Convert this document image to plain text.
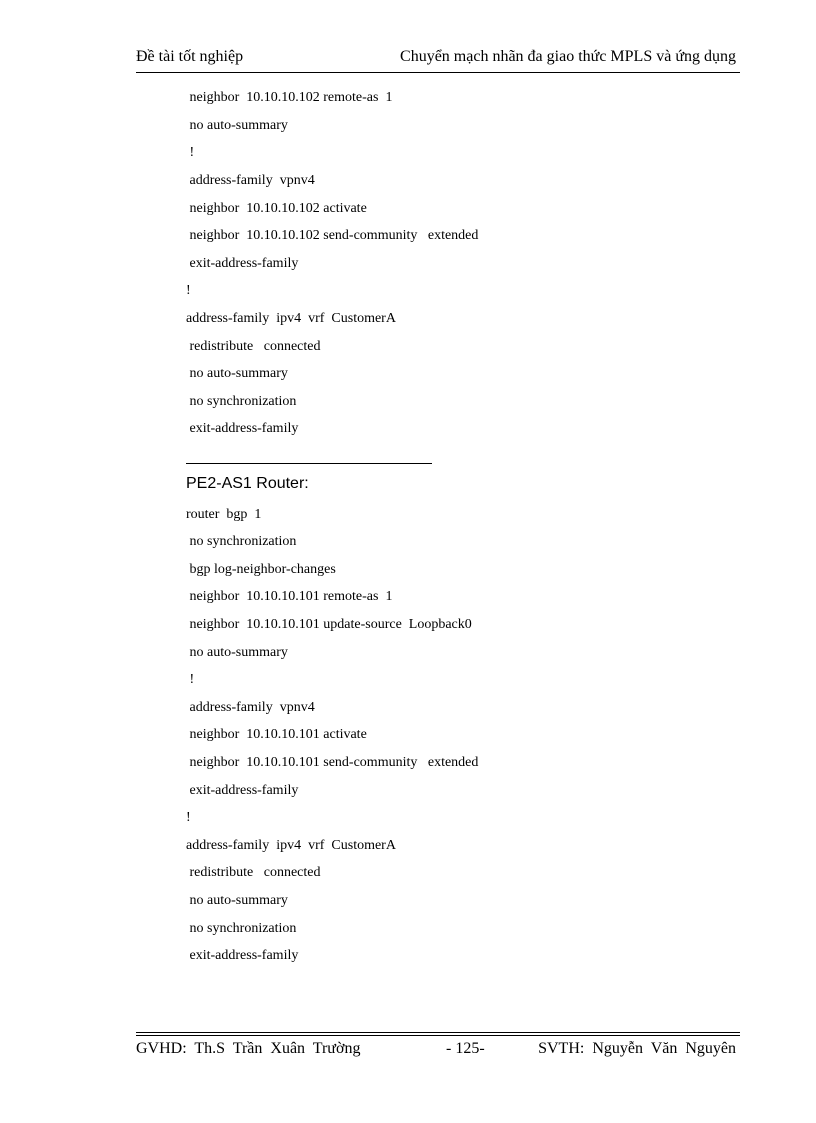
Đề tài tốt nghiệp	Chuyển mạch nhãn đa giao thức MPLS và ứng dụng
neighbor  10.10.10.102 remote-as  1
no auto-summary
!
address-family  vpnv4
neighbor  10.10.10.102 activate
neighbor  10.10.10.102 send-community   extended
exit-address-family
!
address-family  ipv4  vrf  CustomerA
redistribute   connected
no auto-summary
no synchronization
exit-address-family
PE2-AS1 Router:
router  bgp  1
no synchronization
bgp log-neighbor-changes
neighbor  10.10.10.101 remote-as  1
neighbor  10.10.10.101 update-source  Loopback0
no auto-summary
!
address-family  vpnv4
neighbor  10.10.10.101 activate
neighbor  10.10.10.101 send-community   extended
exit-address-family
!
address-family  ipv4  vrf  CustomerA
redistribute   connected
no auto-summary
no synchronization
exit-address-family
GVHD:  Th.S  Trần  Xuân  Trường	- 125-	SVTH:  Nguyễn  Văn  Nguyên
